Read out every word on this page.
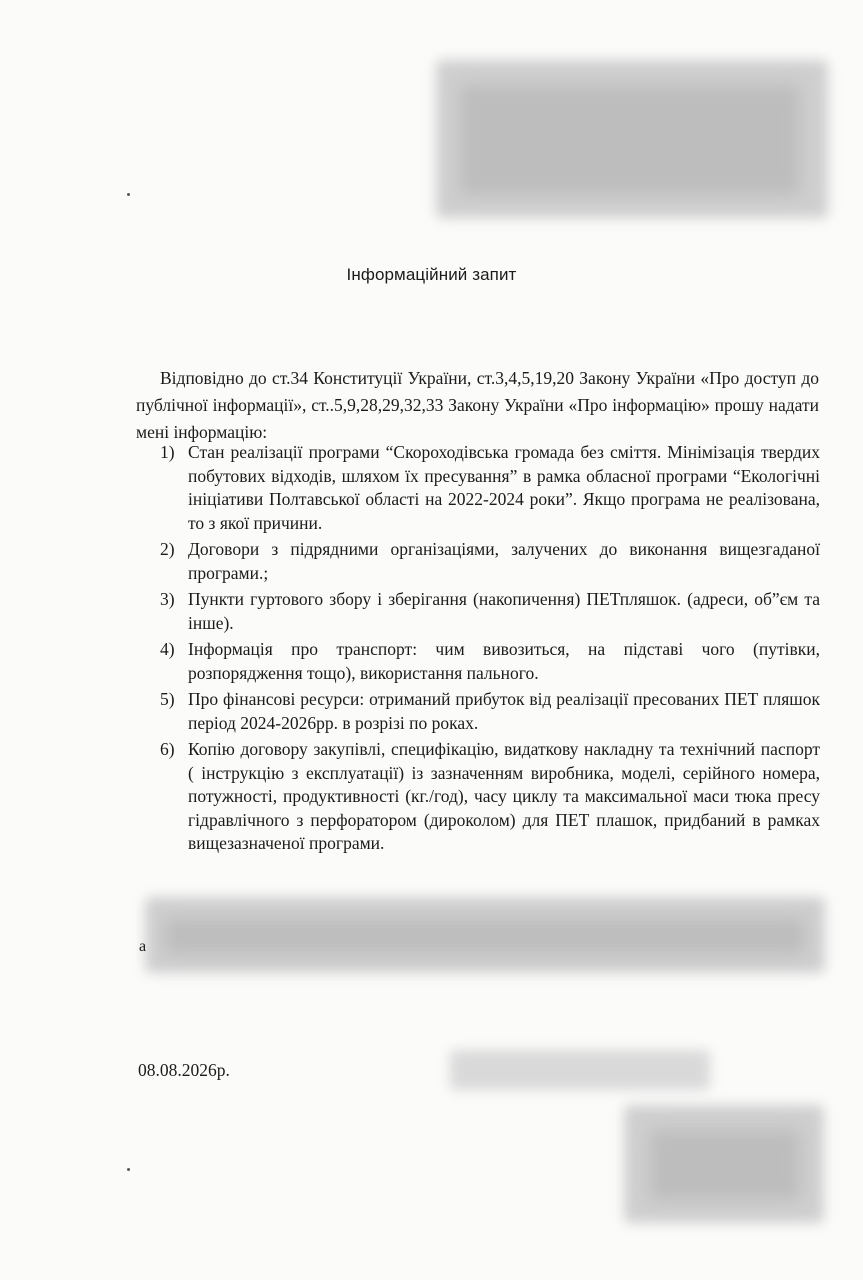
Інформаційний запит
Відповідно до ст.34 Конституції України, ст.3,4,5,19,20 Закону України «Про доступ до публічної інформації», ст..5,9,28,29,32,33 Закону України «Про інформацію» прошу надати мені інформацію:
1) Стан реалізації програми “Скороходівська громада без сміття. Мінімізація твердих побутових відходів, шляхом їх пресування” в рамка обласної програми “Екологічні ініціативи Полтавської області на 2022-2024 роки”. Якщо програма не реалізована, то з якої причини.
2) Договори з підрядними організаціями, залучених до виконання вищезгаданої програми.;
3) Пункти гуртового збору і зберігання (накопичення) ПЕТпляшок. (адреси, об”єм та інше).
4) Інформація про транспорт: чим вивозиться, на підставі чого (путівки, розпорядження тощо), використання пального.
5) Про фінансові ресурси: отриманий прибуток від реалізації пресованих ПЕТ пляшок період 2024-2026рр. в розрізі по роках.
6) Копію договору закупівлі, специфікацію, видаткову накладну та технічний паспорт ( інструкцію з експлуатації) із зазначенням виробника, моделі, серійного номера, потужності, продуктивності (кг./год), часу циклу та максимальної маси тюка пресу гідравлічного з перфоратором (дироколом) для ПЕТ плашок, придбаний в рамках вищезазначеної програми.
а
08.08.2026р.
